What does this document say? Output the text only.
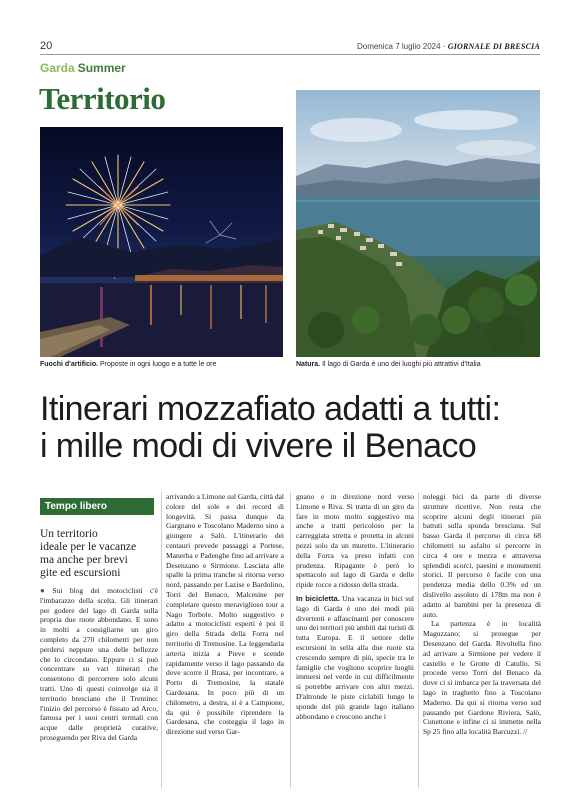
20	Domenica 7 luglio 2024 · GIORNALE DI BRESCIA
Garda Summer
Territorio
Fuochi d'artificio. Proposte in ogni luogo e a tutte le ore	Natura. Il lago di Garda è uno dei luoghi più attrattivi d'Italia
Itinerari mozzafiato adatti a tutti:
i mille modi di vivere il Benaco
Tempo libero
Un territorio
ideale per le vacanze
ma anche per brevi
gite ed escursioni

● Sui blog dei motociclisti c'è l'imbarazzo della scelta. Gli itinerari per godere del lago di Garda sulla propria due ruote abbondano. E sono in molti a consigliarne un giro completo da 270 chilometri per non perdersi neppure una delle bellezze che lo circondano. Eppure ci si può concentrare su vari itinerari che consentono di percorrere solo alcuni tratti. Uno di questi coinvolge sia il territorio bresciano che il Trentino: l'inizio del percorso è fissato ad Arco, famosa per i suoi centri termali con acque dalle proprietà curative, proseguendo per Riva del Garda

arrivando a Limone sul Garda, città dal colore del sole e dei record di longevità. Si passa dunque da Gargnano e Toscolano Maderno sino a giungere a Salò. L'itinerario dei centauri prevede passaggi a Portese, Manerba e Padenghe fino ad arrivare a Desenzano e Sirmione. Lasciata alle spalle la prima tranche si ritorna verso nord, passando per Lazise e Bardolino, Torri del Benaco, Malcesine per completare questo meraviglioso tour a Nago Torbole. Molto suggestivo e adatto a motociclisti esperti è poi il giro della Strada della Forra nel territorio di Tremosine. La leggendaria arteria inizia a Pieve e scende rapidamente verso il lago passando da dove scorre il Brasa, per incontrare, a Porto di Tremosine, la statale Gardesana. In poco più di un chilometro, a destra, si è a Campione, da qui è possibile riprendere la Gardesana, che costeggia il lago in direzione sud verso Gar-

gnano e in direzione nord verso Limone e Riva. Si tratta di un giro da fare in moto molto suggestivo ma anche a tratti pericoloso per la carreggiata stretta e protetta in alcuni pezzi solo da un muretto. L'itinerario della Forra va preso infatti con prudenza. Ripagante è però lo spettacolo sul lago di Garda e delle ripide rocce a ridosso della strada.

In bicicletta. Una vacanza in bici sul lago di Garda è uno dei modi più divertenti e affascinanti per conoscere uno dei territori più ambiti dai turisti di tutta Europa. E il settore delle escursioni in sella alla due ruote sta crescendo sempre di più, specie tra le famiglie che vogliono scoprire luoghi immersi nel verde in cui difficilmente si potrebbe arrivare con altri mezzi. D'altronde le piste ciclabili lungo le sponde del più grande lago italiano abbondano e crescono anche i

noleggi bici da parte di diverse strutture ricettive. Non resta che scoprire alcuni degli itinerari più battuti sulla sponda bresciana. Sul basso Garda il percorso di circa 68 chilometri su asfalto si percorre in circa 4 ore e mezza e attraversa splendidi scorci, paesini e monumenti storici. Il percorso è facile con una pendenza media dello 0.3% ed un dislivello assoluto di 178m ma non è adatto ai bambini per la presenza di auto.

La partenza è in località Maguzzano; si prosegue per Desenzano del Garda. Rivoltella fino ad arrivare a Sirmione per vedere il castello e le Grotte di Catullo. Si procede verso Torri del Benaco da dove ci si imbarca per la traversata del lago in traghetto fino a Toscolano Maderno. Da qui si ritorna verso sud passando per Gardone Riviera, Salò, Cunettone e infine ci si immette nella Sp 25 fino alla località Barcuzzi. //
